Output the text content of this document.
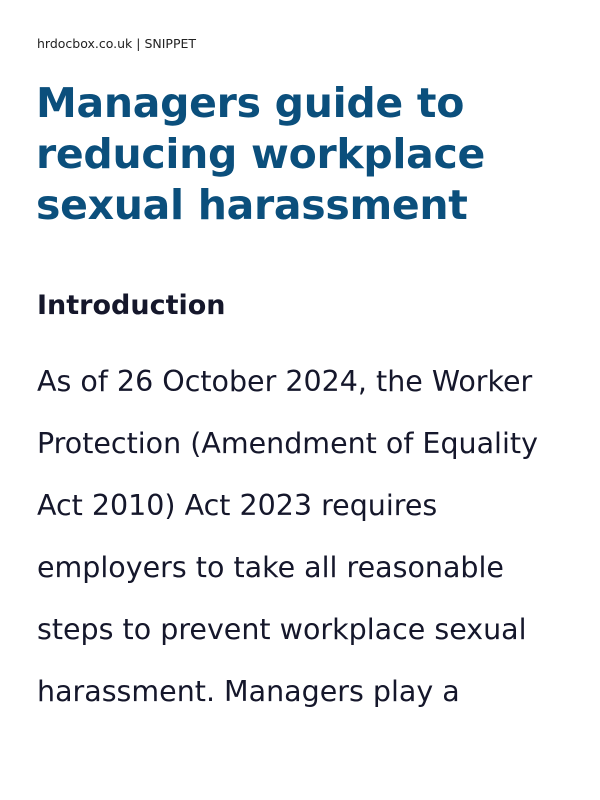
hrdocbox.co.uk | SNIPPET
Managers guide to
reducing workplace
sexual harassment
Introduction

As of 26 October 2024, the Worker
Protection (Amendment of Equality
Act 2010) Act 2023 requires
employers to take all reasonable
steps to prevent workplace sexual
harassment. Managers play a
